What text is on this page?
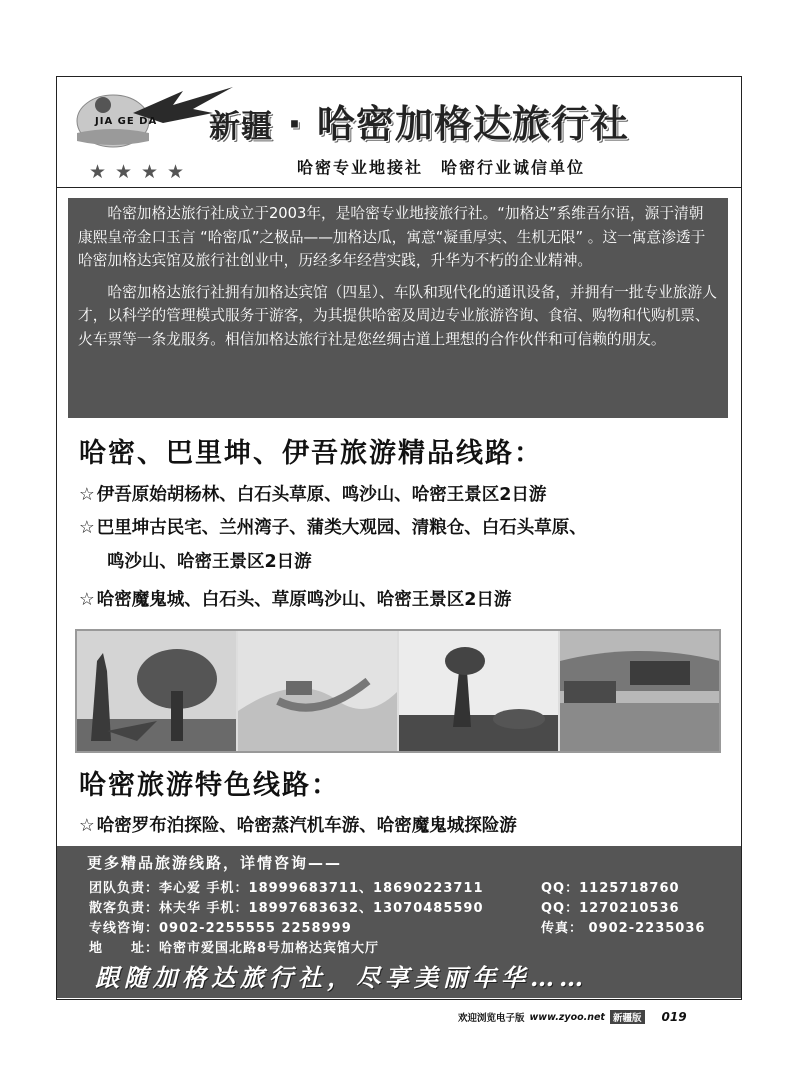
JIA GE DA
★ ★ ★ ★
新疆 · 哈密加格达旅行社
哈密专业地接社　哈密行业诚信单位

哈密加格达旅行社成立于2003年，是哈密专业地接旅行社。“加格达”系维吾尔语，源于清朝康熙皇帝金口玉言 “哈密瓜”之极品——加格达瓜，寓意“凝重厚实、生机无限” 。这一寓意渗透于哈密加格达宾馆及旅行社创业中，历经多年经营实践，升华为不朽的企业精神。

哈密加格达旅行社拥有加格达宾馆（四星）、车队和现代化的通讯设备，并拥有一批专业旅游人才，以科学的管理模式服务于游客，为其提供哈密及周边专业旅游咨询、食宿、购物和代购机票、火车票等一条龙服务。相信加格达旅行社是您丝绸古道上理想的合作伙伴和可信赖的朋友。

哈密、巴里坤、伊吾旅游精品线路：
☆ 伊吾原始胡杨林、白石头草原、鸣沙山、哈密王景区2日游
☆ 巴里坤古民宅、兰州湾子、蒲类大观园、清粮仓、白石头草原、
鸣沙山、哈密王景区2日游
☆ 哈密魔鬼城、白石头、草原鸣沙山、哈密王景区2日游
哈密旅游特色线路：
☆ 哈密罗布泊探险、哈密蒸汽机车游、哈密魔鬼城探险游
更多精品旅游线路，详情咨询——
团队负责：李心爱 手机：18999683711、18690223711	QQ：1125718760
散客负责：林夫华 手机：18997683632、13070485590	QQ：1270210536
专线咨询：0902-2255555 2258999	传真： 0902-2235036
地　　址：哈密市爱国北路8号加格达宾馆大厅
跟随加格达旅行社，尽享美丽年华……
欢迎浏览电子版 www.zyoo.net 新疆版 019
